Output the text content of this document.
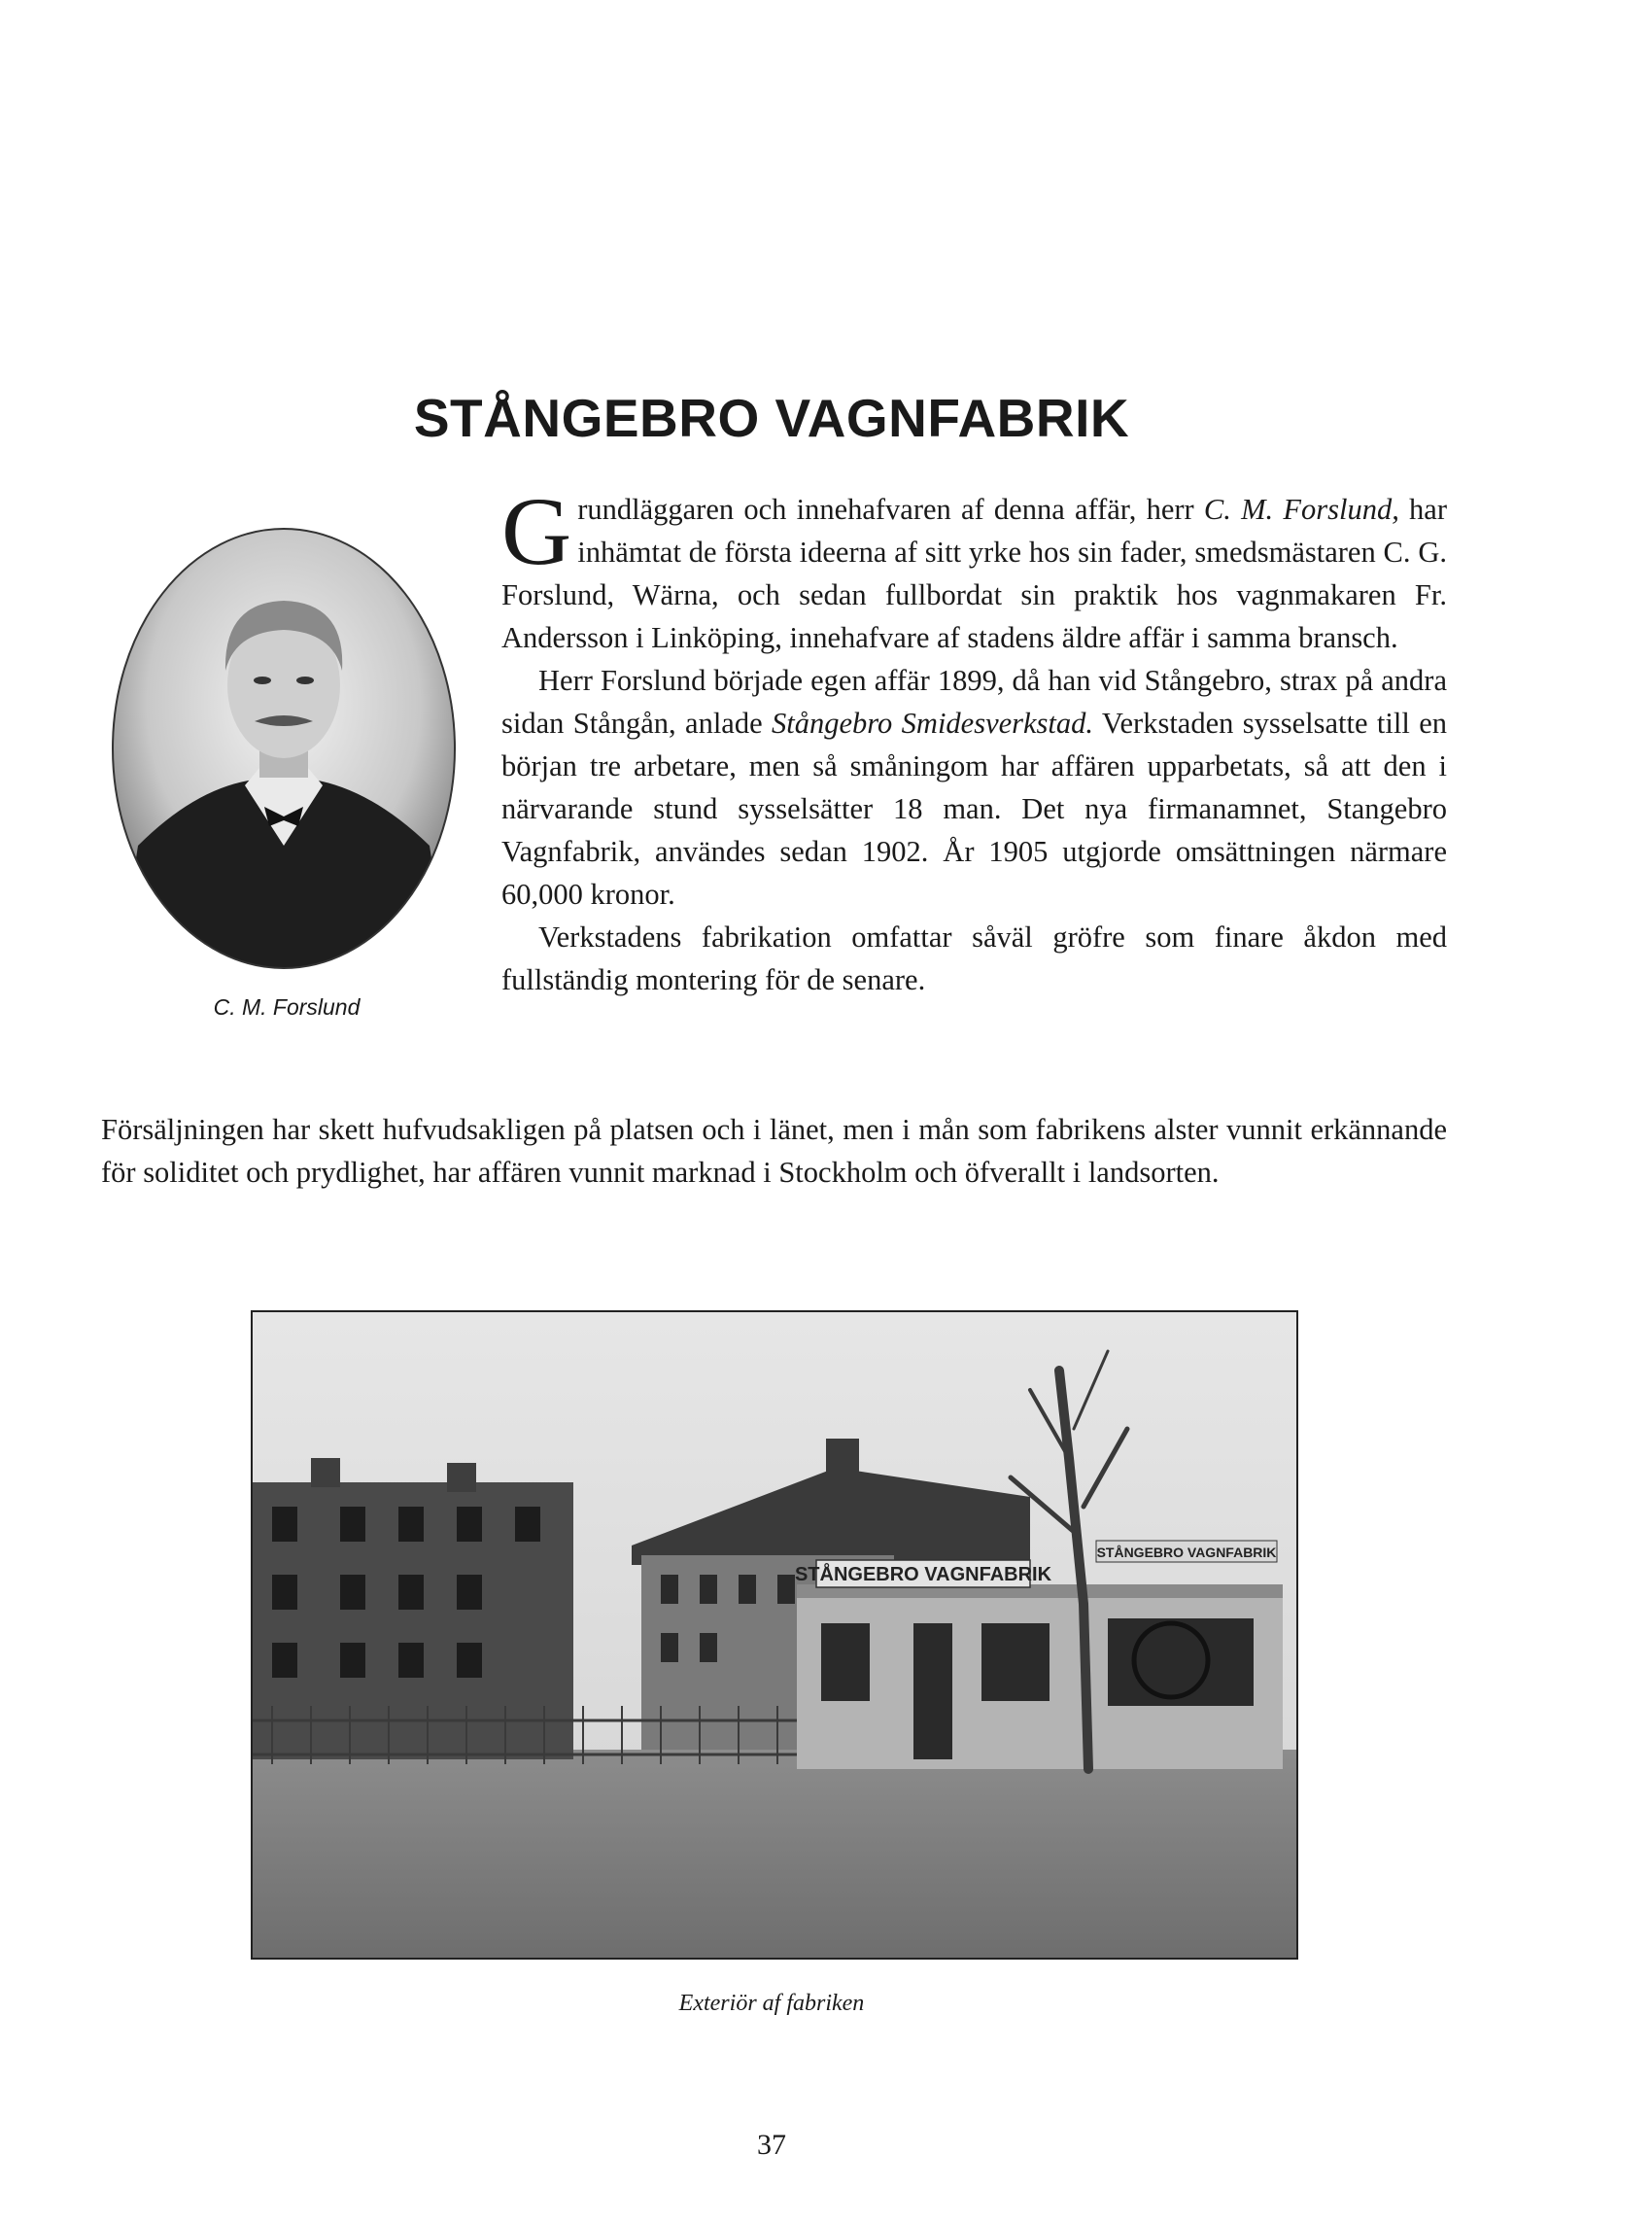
STÅNGEBRO VAGNFABRIK
C. M. Forslund
G rundläggaren och innehafvaren af denna affär, herr C. M. Forslund, har inhämtat de första ideerna af sitt yrke hos sin fader, smedsmästaren C. G. Forslund, Wärna, och sedan fullbordat sin praktik hos vagnmakaren Fr. Andersson i Linköping, innehafvare af stadens äldre affär i samma bransch.

Herr Forslund började egen affär 1899, då han vid Stångebro, strax på andra sidan Stångån, anlade Stångebro Smidesverkstad. Verkstaden sysselsatte till en början tre arbetare, men så småningom har affären upparbetats, så att den i närvarande stund sysselsätter 18 man. Det nya firmanamnet, Stangebro Vagnfabrik, användes sedan 1902. År 1905 utgjorde omsättningen närmare 60,000 kronor.

Verkstadens fabrikation omfattar såväl gröfre som finare åkdon med fullständig montering för de senare.

Försäljningen har skett hufvudsakligen på platsen och i länet, men i mån som fabrikens alster vunnit erkännande för soliditet och prydlighet, har affären vunnit marknad i Stockholm och öfverallt i landsorten.

STÅNGEBRO VAGNFABRIK
STÅNGEBRO VAGNFABRIK
Exteriör af fabriken
37
